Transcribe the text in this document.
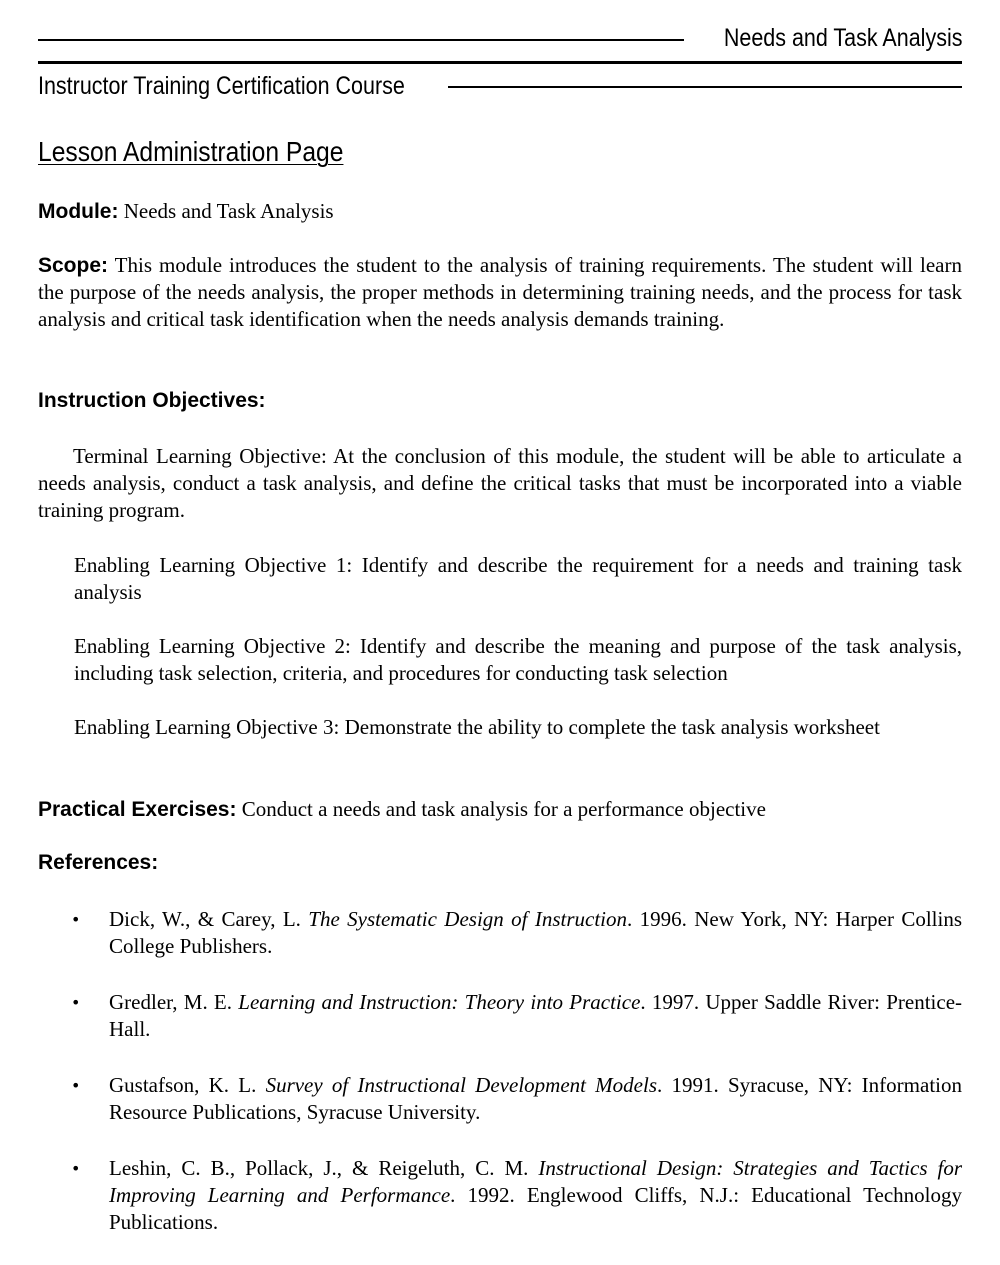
Needs and Task Analysis
Instructor Training Certification Course
Lesson Administration Page
Module: Needs and Task Analysis
Scope: This module introduces the student to the analysis of training requirements. The student will learn the purpose of the needs analysis, the proper methods in determining training needs, and the process for task analysis and critical task identification when the needs analysis demands training.
Instruction Objectives:
Terminal Learning Objective: At the conclusion of this module, the student will be able to articulate a needs analysis, conduct a task analysis, and define the critical tasks that must be incorporated into a viable training program.
Enabling Learning Objective 1: Identify and describe the requirement for a needs and training task analysis
Enabling Learning Objective 2: Identify and describe the meaning and purpose of the task analysis, including task selection, criteria, and procedures for conducting task selection
Enabling Learning Objective 3: Demonstrate the ability to complete the task analysis worksheet
Practical Exercises: Conduct a needs and task analysis for a performance objective
References:
• Dick, W., & Carey, L. The Systematic Design of Instruction. 1996. New York, NY: Harper Collins College Publishers.
• Gredler, M. E. Learning and Instruction: Theory into Practice. 1997. Upper Saddle River: Prentice-Hall.
• Gustafson, K. L. Survey of Instructional Development Models. 1991. Syracuse, NY: Information Resource Publications, Syracuse University.
• Leshin, C. B., Pollack, J., & Reigeluth, C. M. Instructional Design: Strategies and Tactics for Improving Learning and Performance. 1992. Englewood Cliffs, N.J.: Educational Technology Publications.
